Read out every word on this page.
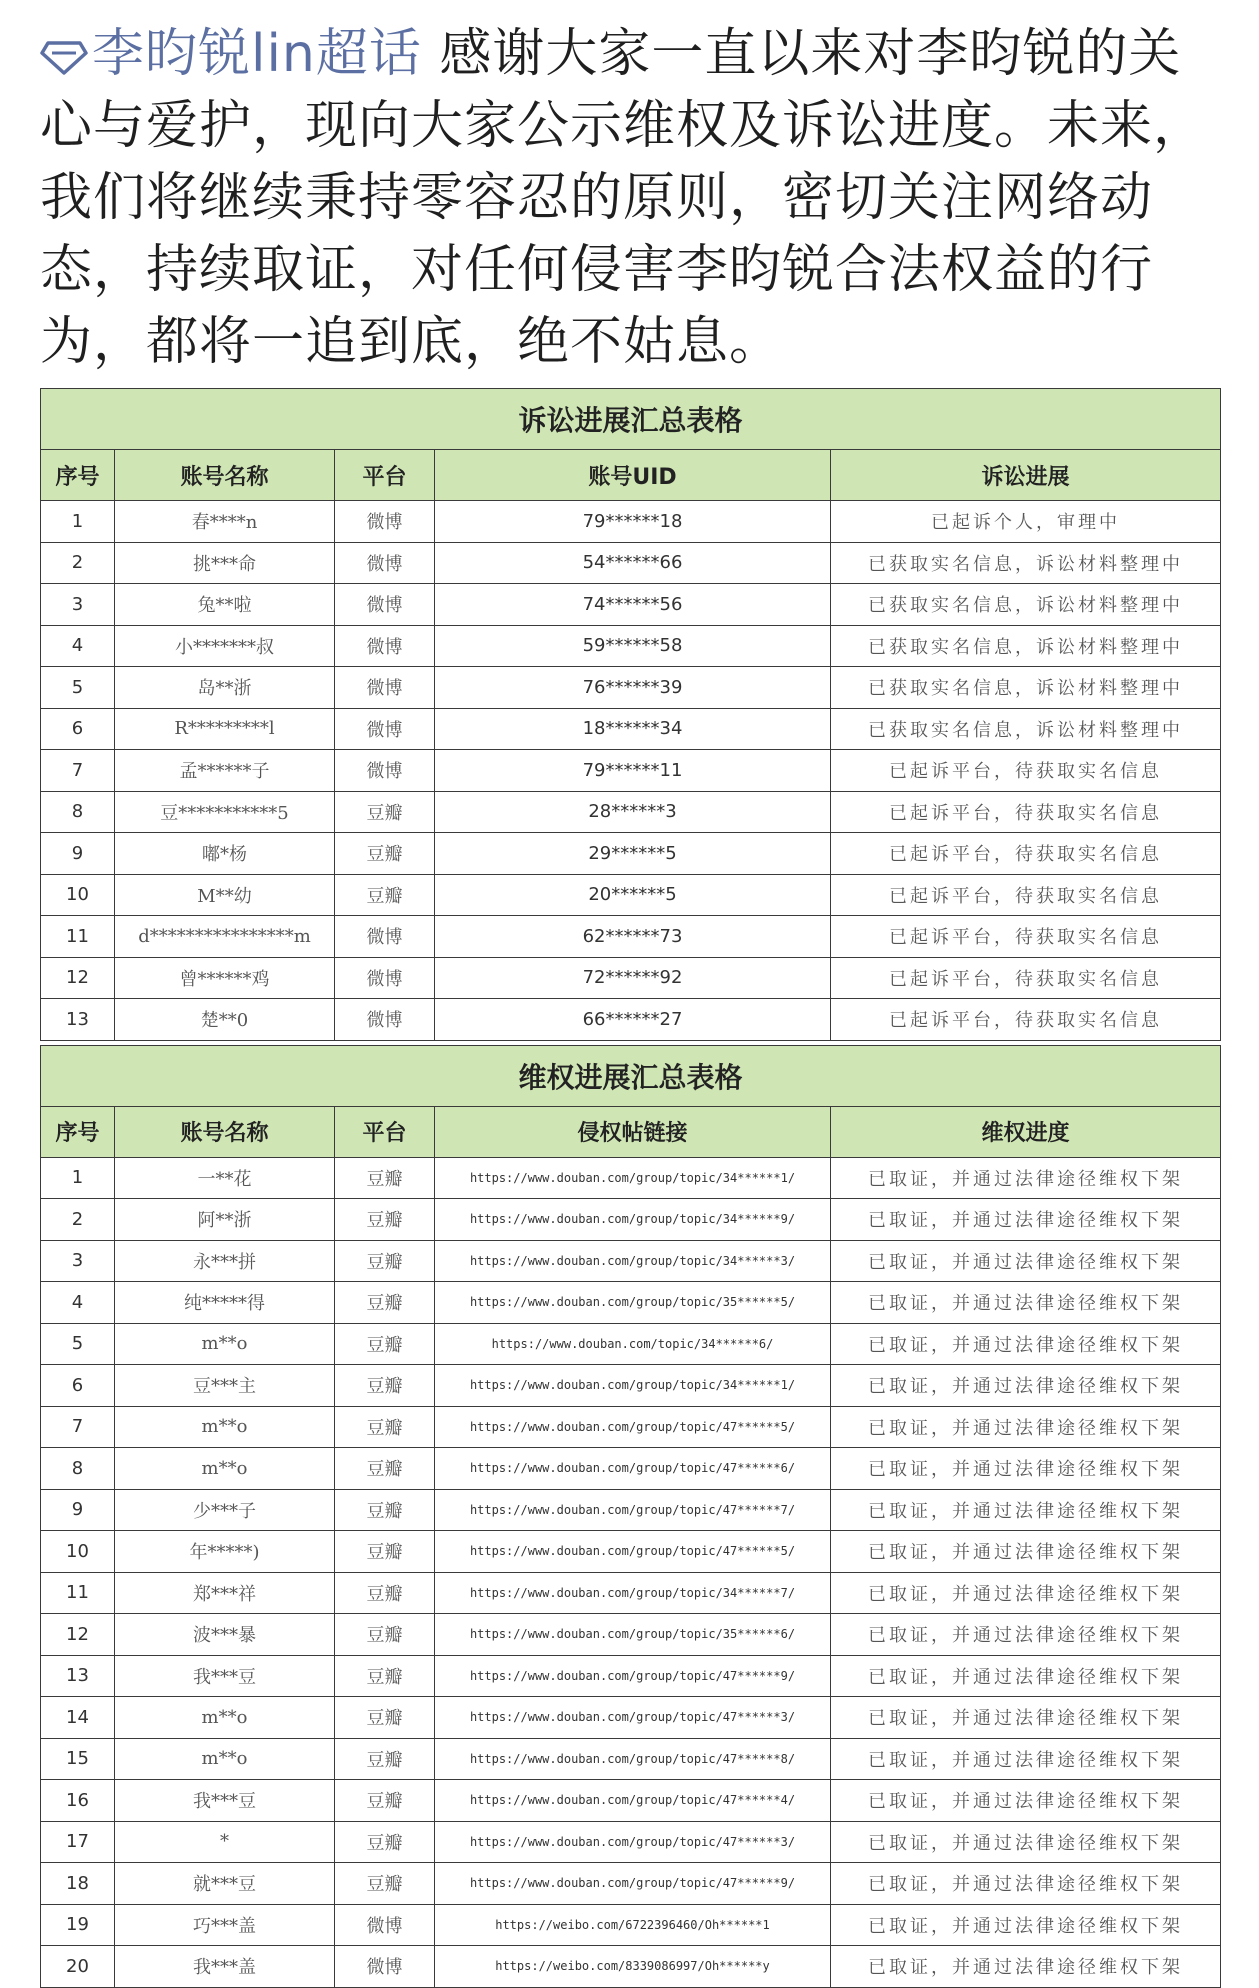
李昀锐lin超话 感谢大家一直以来对李昀锐的关心与爱护，现向大家公示维权及诉讼进度。未来，我们将继续秉持零容忍的原则，密切关注网络动态，持续取证，对任何侵害李昀锐合法权益的行为，都将一追到底，绝不姑息。
诉讼进展汇总表格				
序号	账号名称	平台	账号UID	诉讼进展
1	春****n	微博	79******18	已起诉个人，审理中
2	挑***命	微博	54******66	已获取实名信息，诉讼材料整理中
3	兔**啦	微博	74******56	已获取实名信息，诉讼材料整理中
4	小*******叔	微博	59******58	已获取实名信息，诉讼材料整理中
5	岛**浙	微博	76******39	已获取实名信息，诉讼材料整理中
6	R*********l	微博	18******34	已获取实名信息，诉讼材料整理中
7	孟******子	微博	79******11	已起诉平台，待获取实名信息
8	豆***********5	豆瓣	28******3	已起诉平台，待获取实名信息
9	嘟*杨	豆瓣	29******5	已起诉平台，待获取实名信息
10	M**幼	豆瓣	20******5	已起诉平台，待获取实名信息
11	d****************m	微博	62******73	已起诉平台，待获取实名信息
12	曾******鸡	微博	72******92	已起诉平台，待获取实名信息
13	楚**0	微博	66******27	已起诉平台，待获取实名信息
维权进展汇总表格				
序号	账号名称	平台	侵权帖链接	维权进度
1	一**花	豆瓣	https://www.douban.com/group/topic/34******1/	已取证，并通过法律途径维权下架
2	阿**浙	豆瓣	https://www.douban.com/group/topic/34******9/	已取证，并通过法律途径维权下架
3	永***拼	豆瓣	https://www.douban.com/group/topic/34******3/	已取证，并通过法律途径维权下架
4	纯*****得	豆瓣	https://www.douban.com/group/topic/35******5/	已取证，并通过法律途径维权下架
5	m**o	豆瓣	https://www.douban.com/topic/34******6/	已取证，并通过法律途径维权下架
6	豆***主	豆瓣	https://www.douban.com/group/topic/34******1/	已取证，并通过法律途径维权下架
7	m**o	豆瓣	https://www.douban.com/group/topic/47******5/	已取证，并通过法律途径维权下架
8	m**o	豆瓣	https://www.douban.com/group/topic/47******6/	已取证，并通过法律途径维权下架
9	少***子	豆瓣	https://www.douban.com/group/topic/47******7/	已取证，并通过法律途径维权下架
10	年*****)	豆瓣	https://www.douban.com/group/topic/47******5/	已取证，并通过法律途径维权下架
11	郑***祥	豆瓣	https://www.douban.com/group/topic/34******7/	已取证，并通过法律途径维权下架
12	波***暴	豆瓣	https://www.douban.com/group/topic/35******6/	已取证，并通过法律途径维权下架
13	我***豆	豆瓣	https://www.douban.com/group/topic/47******9/	已取证，并通过法律途径维权下架
14	m**o	豆瓣	https://www.douban.com/group/topic/47******3/	已取证，并通过法律途径维权下架
15	m**o	豆瓣	https://www.douban.com/group/topic/47******8/	已取证，并通过法律途径维权下架
16	我***豆	豆瓣	https://www.douban.com/group/topic/47******4/	已取证，并通过法律途径维权下架
17	*	豆瓣	https://www.douban.com/group/topic/47******3/	已取证，并通过法律途径维权下架
18	就***豆	豆瓣	https://www.douban.com/group/topic/47******9/	已取证，并通过法律途径维权下架
19	巧***盖	微博	https://weibo.com/6722396460/Oh******1	已取证，并通过法律途径维权下架
20	我***盖	微博	https://weibo.com/8339086997/Oh******y	已取证，并通过法律途径维权下架
